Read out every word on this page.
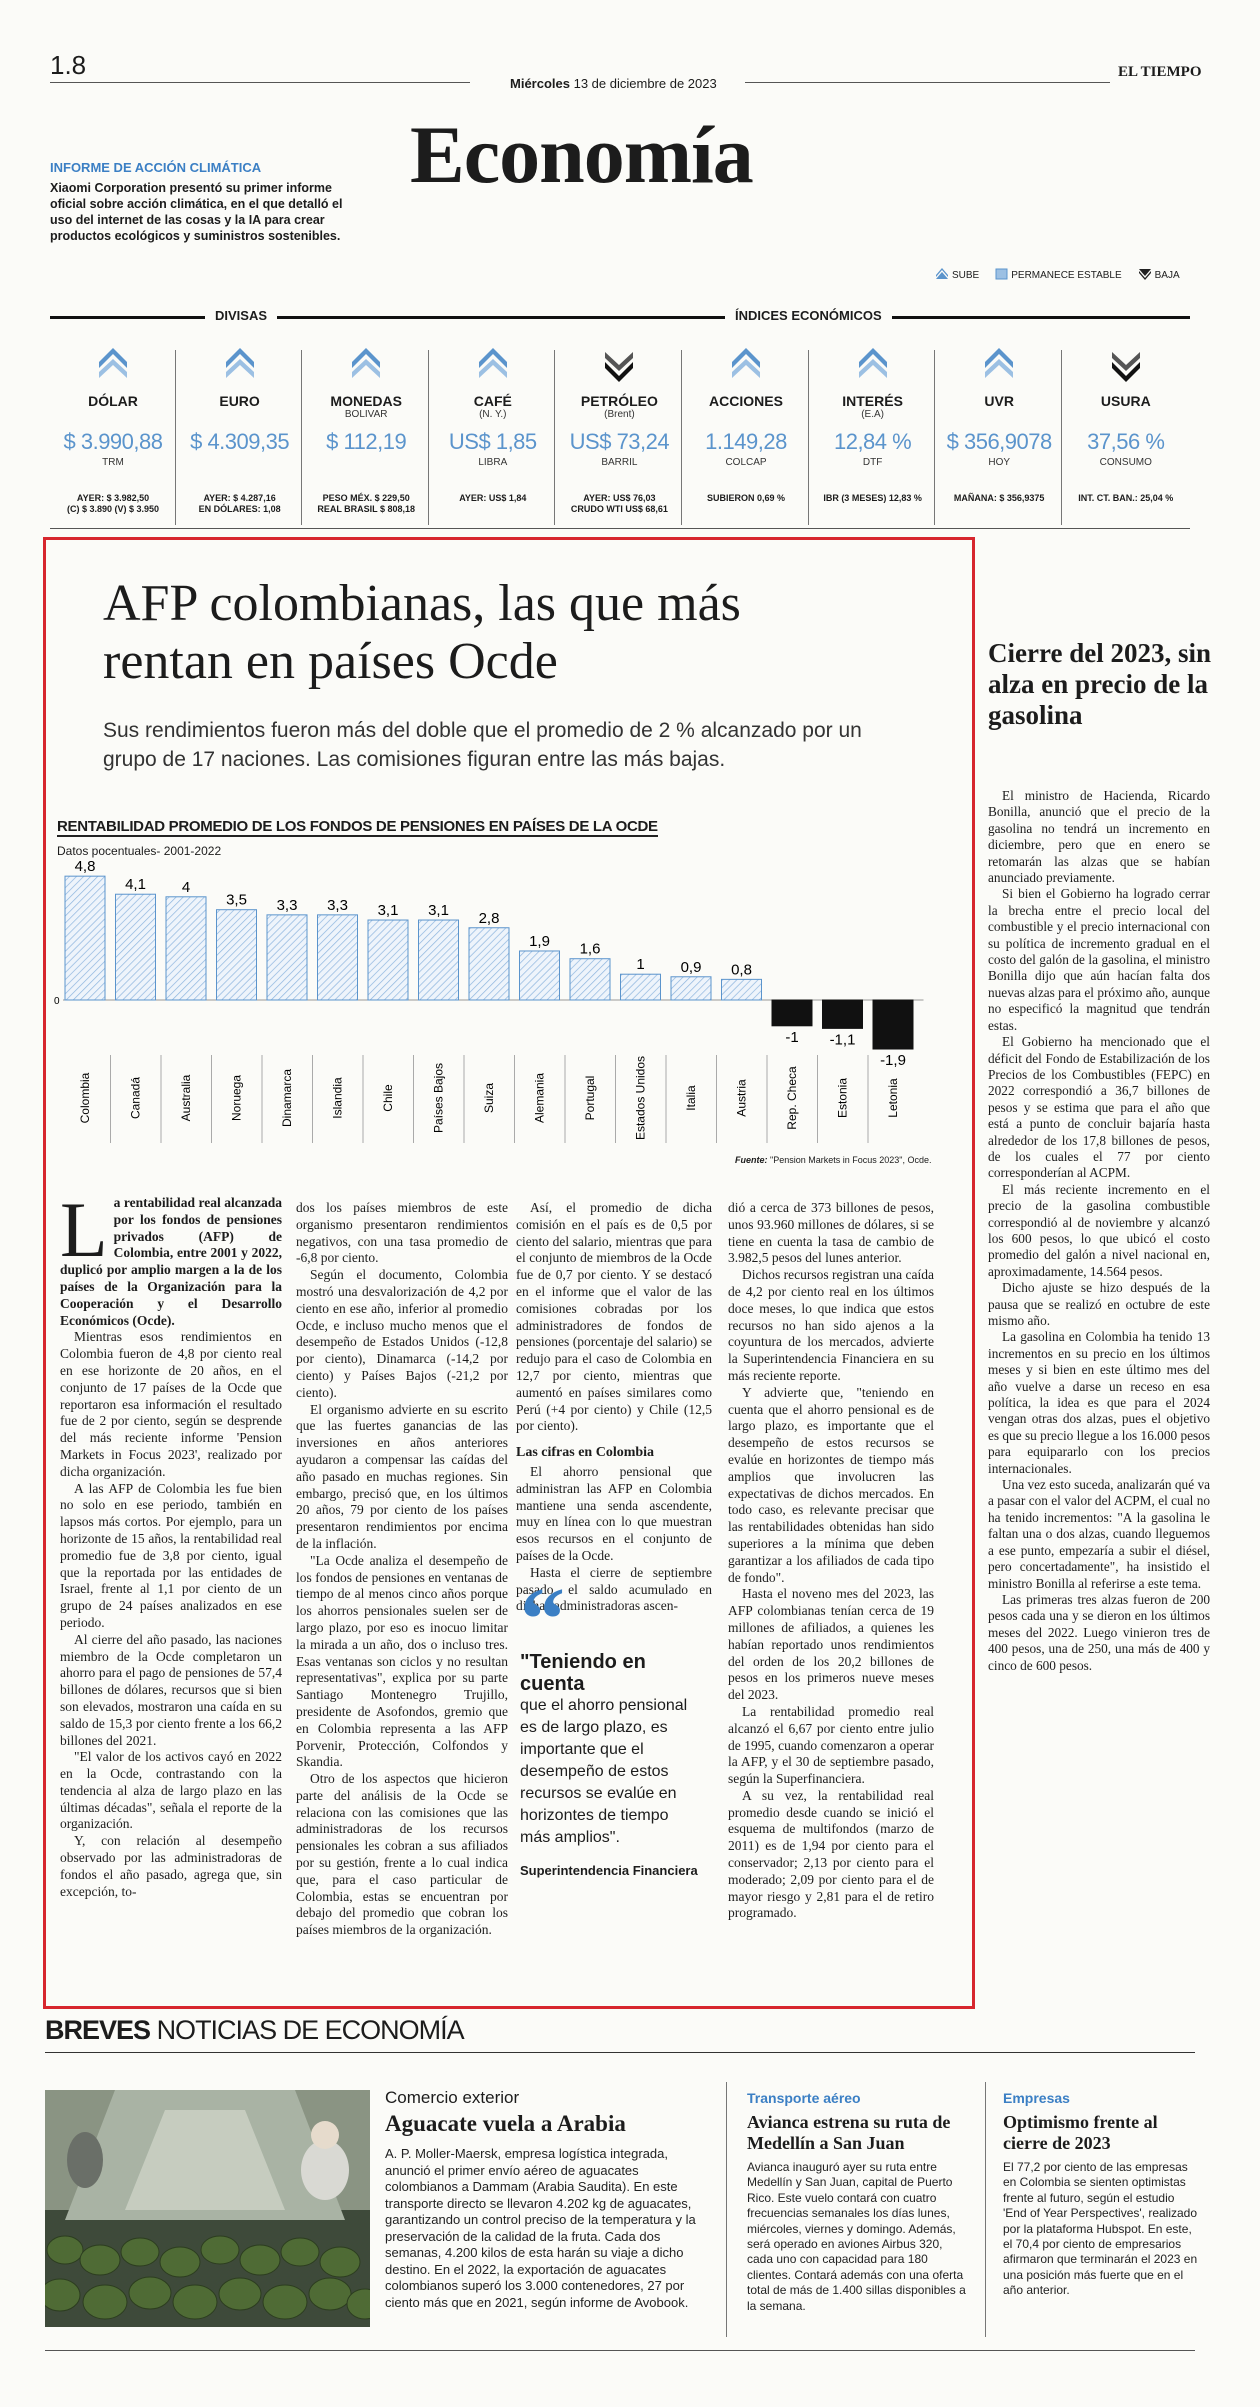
1.8
Miércoles 13 de diciembre de 2023
EL TIEMPO
Economía
INFORME DE ACCIÓN CLIMÁTICA
Xiaomi Corporation presentó su primer informe oficial sobre acción climática, en el que detalló el uso del internet de las cosas y la IA para crear productos ecológicos y suministros sostenibles.
SUBE	PERMANECE ESTABLE	BAJA
DIVISAS	ÍNDICES ECONÓMICOS
DÓLAR
$ 3.990,88
TRM
AYER: $ 3.982,50
(C) $ 3.890 (V) $ 3.950
EURO
$ 4.309,35
AYER: $ 4.287,16
EN DÓLARES: 1,08
MONEDAS
BOLIVAR
$ 112,19
PESO MÉX. $ 229,50
REAL BRASIL $ 808,18
CAFÉ
(N. Y.)
US$ 1,85
LIBRA
AYER: US$ 1,84
PETRÓLEO
(Brent)
US$ 73,24
BARRIL
AYER: US$ 76,03
CRUDO WTI US$ 68,61
ACCIONES
1.149,28
COLCAP
SUBIERON 0,69 %
INTERÉS
(E.A)
12,84 %
DTF
IBR (3 MESES) 12,83 %
UVR
$ 356,9078
HOY
MAÑANA: $ 356,9375
USURA
37,56 %
CONSUMO
INT. CT. BAN.: 25,04 %
AFP colombianas, las que más rentan en países Ocde
Sus rendimientos fueron más del doble que el promedio de 2 % alcanzado por un grupo de 17 naciones. Las comisiones figuran entre las más bajas.
RENTABILIDAD PROMEDIO DE LOS FONDOS DE PENSIONES EN PAÍSES DE LA OCDE
Datos pocentuales- 2001-2022
0
4,8
Colombia
4,1
Canadá
4
Australia
3,5
Noruega
3,3
Dinamarca
3,3
Islandia
3,1
Chile
3,1
Países Bajos
2,8
Suiza
1,9
Alemania
1,6
Portugal
1
Estados Unidos
0,9
Italia
0,8
Austria
-1
Rep. Checa
-1,1
Estonia
-1,9
Letonia
Fuente: "Pension Markets in Focus 2023", Ocde.

La rentabilidad real alcanzada por los fondos de pensiones privados (AFP) de Colombia, entre 2001 y 2022, duplicó por amplio margen a la de los países de la Organización para la Cooperación y el Desarrollo Económicos (Ocde).

Mientras esos rendimientos en Colombia fueron de 4,8 por ciento real en ese horizonte de 20 años, en el conjunto de 17 países de la Ocde que reportaron esa información el resultado fue de 2 por ciento, según se desprende del más reciente informe 'Pension Markets in Focus 2023', realizado por dicha organización.

A las AFP de Colombia les fue bien no solo en ese periodo, también en lapsos más cortos. Por ejemplo, para un horizonte de 15 años, la rentabilidad real promedio fue de 3,8 por ciento, igual que la reportada por las entidades de Israel, frente al 1,1 por ciento de un grupo de 24 países analizados en ese periodo.

Al cierre del año pasado, las naciones miembro de la Ocde completaron un ahorro para el pago de pensiones de 57,4 billones de dólares, recursos que si bien son elevados, mostraron una caída en su saldo de 15,3 por ciento frente a los 66,2 billones del 2021.

"El valor de los activos cayó en 2022 en la Ocde, contrastando con la tendencia al alza de largo plazo en las últimas décadas", señala el reporte de la organización.

Y, con relación al desempeño observado por las administradoras de fondos el año pasado, agrega que, sin excepción, to-

dos los países miembros de este organismo presentaron rendimientos negativos, con una tasa promedio de -6,8 por ciento.

Según el documento, Colombia mostró una desvalorización de 4,2 por ciento en ese año, inferior al promedio Ocde, e incluso mucho menos que el desempeño de Estados Unidos (-12,8 por ciento), Dinamarca (-14,2 por ciento) y Países Bajos (-21,2 por ciento).

El organismo advierte en su escrito que las fuertes ganancias de las inversiones en años anteriores ayudaron a compensar las caídas del año pasado en muchas regiones. Sin embargo, precisó que, en los últimos 20 años, 79 por ciento de los países presentaron rendimientos por encima de la inflación.

"La Ocde analiza el desempeño de los fondos de pensiones en ventanas de tiempo de al menos cinco años porque los ahorros pensionales suelen ser de largo plazo, por eso es inocuo limitar la mirada a un año, dos o incluso tres. Esas ventanas son ciclos y no resultan representativas", explica por su parte Santiago Montenegro Trujillo, presidente de Asofondos, gremio que en Colombia representa a las AFP Porvenir, Protección, Colfondos y Skandia.

Otro de los aspectos que hicieron parte del análisis de la Ocde se relaciona con las comisiones que las administradoras de los recursos pensionales les cobran a sus afiliados por su gestión, frente a lo cual indica que, para el caso particular de Colombia, estas se encuentran por debajo del promedio que cobran los países miembros de la organización.

Así, el promedio de dicha comisión en el país es de 0,5 por ciento del salario, mientras que para el conjunto de miembros de la Ocde fue de 0,7 por ciento. Y se destacó en el informe que el valor de las comisiones cobradas por los administradores de fondos de pensiones (porcentaje del salario) se redujo para el caso de Colombia en 12,7 por ciento, mientras que aumentó en países similares como Perú (+4 por ciento) y Chile (12,5 por ciento).

Las cifras en Colombia

El ahorro pensional que administran las AFP en Colombia mantiene una senda ascendente, muy en línea con lo que muestran esos recursos en el conjunto de países de la Ocde.

Hasta el cierre de septiembre pasado, el saldo acumulado en dichas administradoras ascen-

“
"Teniendo en cuenta
que el ahorro pensional es de largo plazo, es importante que el desempeño de estos recursos se evalúe en horizontes de tiempo más amplios".
Superintendencia Financiera

dió a cerca de 373 billones de pesos, unos 93.960 millones de dólares, si se tiene en cuenta la tasa de cambio de 3.982,5 pesos del lunes anterior.

Dichos recursos registran una caída de 4,2 por ciento real en los últimos doce meses, lo que indica que estos recursos no han sido ajenos a la coyuntura de los mercados, advierte la Superintendencia Financiera en su más reciente reporte.

Y advierte que, "teniendo en cuenta que el ahorro pensional es de largo plazo, es importante que el desempeño de estos recursos se evalúe en horizontes de tiempo más amplios que involucren las expectativas de dichos mercados. En todo caso, es relevante precisar que las rentabilidades obtenidas han sido superiores a la mínima que deben garantizar a los afiliados de cada tipo de fondo".

Hasta el noveno mes del 2023, las AFP colombianas tenían cerca de 19 millones de afiliados, a quienes les habían reportado unos rendimientos del orden de los 20,2 billones de pesos en los primeros nueve meses del 2023.

La rentabilidad promedio real alcanzó el 6,67 por ciento entre julio de 1995, cuando comenzaron a operar la AFP, y el 30 de septiembre pasado, según la Superfinanciera.

A su vez, la rentabilidad real promedio desde cuando se inició el esquema de multifondos (marzo de 2011) es de 1,94 por ciento para el conservador; 2,13 por ciento para el moderado; 2,09 por ciento para el de mayor riesgo y 2,81 para el de retiro programado.

Cierre del 2023, sin alza en precio de la gasolina

El ministro de Hacienda, Ricardo Bonilla, anunció que el precio de la gasolina no tendrá un incremento en diciembre, pero que en enero se retomarán las alzas que se habían anunciado previamente.

Si bien el Gobierno ha logrado cerrar la brecha entre el precio local del combustible y el precio internacional con su política de incremento gradual en el costo del galón de la gasolina, el ministro Bonilla dijo que aún hacían falta dos nuevas alzas para el próximo año, aunque no especificó la magnitud que tendrán estas.

El Gobierno ha mencionado que el déficit del Fondo de Estabilización de los Precios de los Combustibles (FEPC) en 2022 correspondió a 36,7 billones de pesos y se estima que para el año que está a punto de concluir bajaría hasta alrededor de los 17,8 billones de pesos, de los cuales el 77 por ciento corresponderían al ACPM.

El más reciente incremento en el precio de la gasolina combustible correspondió al de noviembre y alcanzó los 600 pesos, lo que ubicó el costo promedio del galón a nivel nacional en, aproximadamente, 14.564 pesos.

Dicho ajuste se hizo después de la pausa que se realizó en octubre de este mismo año.

La gasolina en Colombia ha tenido 13 incrementos en su precio en los últimos meses y si bien en este último mes del año vuelve a darse un receso en esa política, la idea es que para el 2024 vengan otras dos alzas, pues el objetivo es que su precio llegue a los 16.000 pesos para equipararlo con los precios internacionales.

Una vez esto suceda, analizarán qué va a pasar con el valor del ACPM, el cual no ha tenido incrementos: "A la gasolina le faltan una o dos alzas, cuando lleguemos a ese punto, empezaría a subir el diésel, pero concertadamente", ha insistido el ministro Bonilla al referirse a este tema.

Las primeras tres alzas fueron de 200 pesos cada una y se dieron en los últimos meses del 2022. Luego vinieron tres de 400 pesos, una de 250, una más de 400 y cinco de 600 pesos.

BREVES NOTICIAS DE ECONOMÍA
Comercio exterior
Aguacate vuela a Arabia
A. P. Moller-Maersk, empresa logística integrada, anunció el primer envío aéreo de aguacates colombianos a Dammam (Arabia Saudita). En este transporte directo se llevaron 4.202 kg de aguacates, garantizando un control preciso de la temperatura y la preservación de la calidad de la fruta. Cada dos semanas, 4.200 kilos de esta harán su viaje a dicho destino. En el 2022, la exportación de aguacates colombianos superó los 3.000 contenedores, 27 por ciento más que en 2021, según informe de Avobook.
Transporte aéreo
Avianca estrena su ruta de Medellín a San Juan
Avianca inauguró ayer su ruta entre Medellín y San Juan, capital de Puerto Rico. Este vuelo contará con cuatro frecuencias semanales los días lunes, miércoles, viernes y domingo. Además, será operado en aviones Airbus 320, cada uno con capacidad para 180 clientes. Contará además con una oferta total de más de 1.400 sillas disponibles a la semana.
Empresas
Optimismo frente al cierre de 2023
El 77,2 por ciento de las empresas en Colombia se sienten optimistas frente al futuro, según el estudio 'End of Year Perspectives', realizado por la plataforma Hubspot. En este, el 70,4 por ciento de empresarios afirmaron que terminarán el 2023 en una posición más fuerte que en el año anterior.
